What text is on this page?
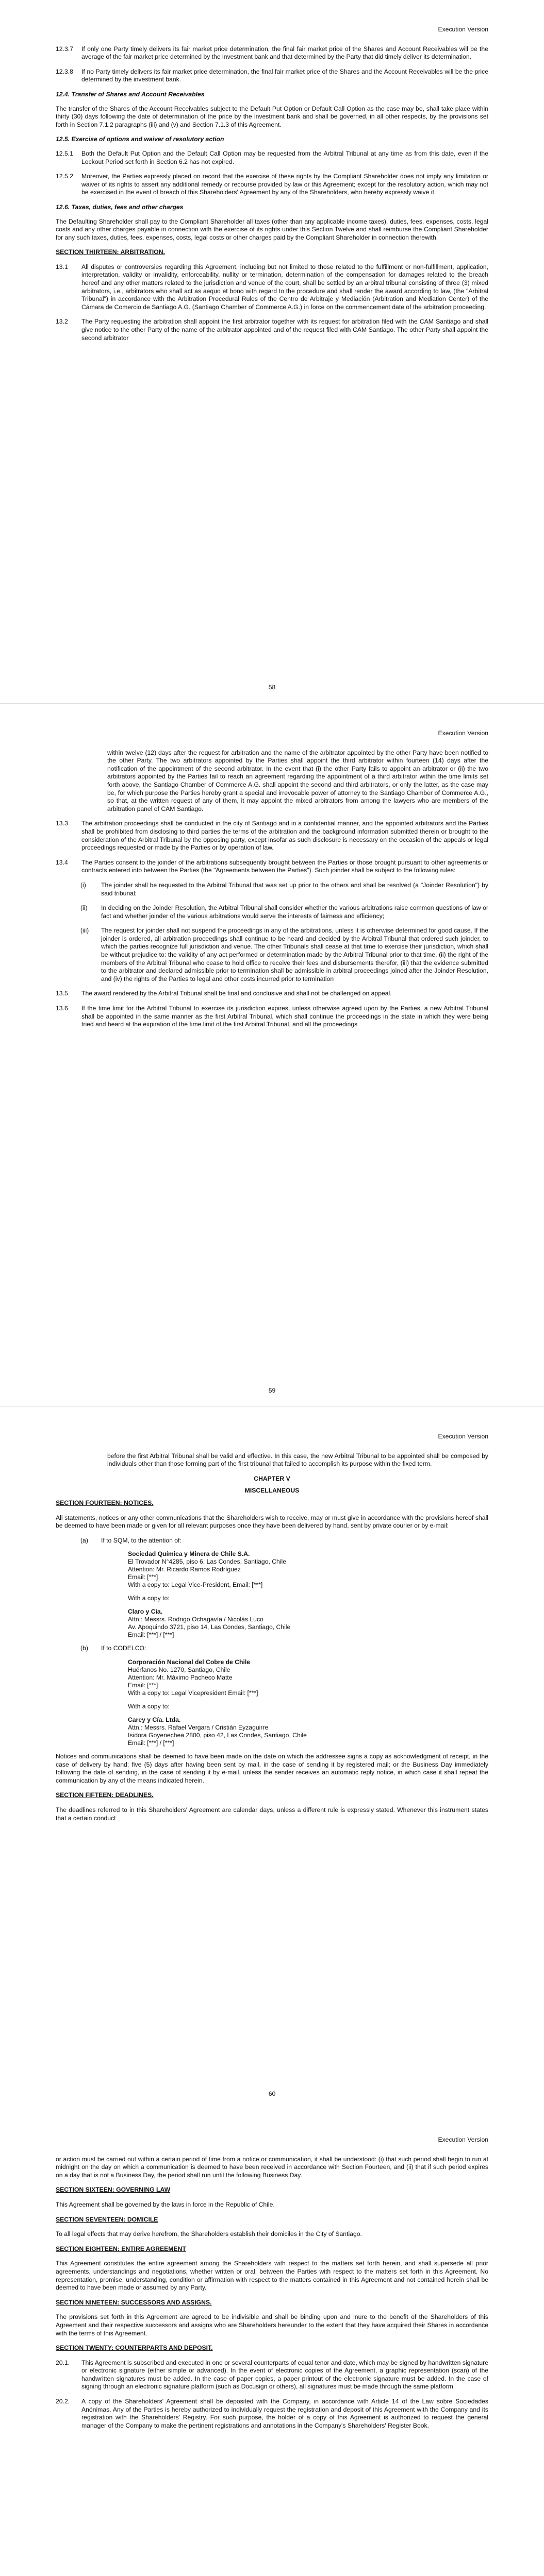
Execution Version
12.3.7	If only one Party timely delivers its fair market price determination, the final fair market price of the Shares and Account Receivables will be the average of the fair market price determined by the investment bank and that determined by the Party that did timely deliver its determination.
12.3.8	If no Party timely delivers its fair market price determination, the final fair market price of the Shares and the Account Receivables will be the price determined by the investment bank.
12.4. Transfer of Shares and Account Receivables
The transfer of the Shares of the Account Receivables subject to the Default Put Option or Default Call Option as the case may be, shall take place within thirty (30) days following the date of determination of the price by the investment bank and shall be governed, in all other respects, by the provisions set forth in Section 7.1.2 paragraphs (iii) and (v) and Section 7.1.3 of this Agreement.
12.5. Exercise of options and waiver of resolutory action
12.5.1	Both the Default Put Option and the Default Call Option may be requested from the Arbitral Tribunal at any time as from this date, even if the Lockout Period set forth in Section 6.2 has not expired.
12.5.2	Moreover, the Parties expressly placed on record that the exercise of these rights by the Compliant Shareholder does not imply any limitation or waiver of its rights to assert any additional remedy or recourse provided by law or this Agreement; except for the resolutory action, which may not be exercised in the event of breach of this Shareholders' Agreement by any of the Shareholders, who hereby expressly waive it.
12.6. Taxes, duties, fees and other charges
The Defaulting Shareholder shall pay to the Compliant Shareholder all taxes (other than any applicable income taxes), duties, fees, expenses, costs, legal costs and any other charges payable in connection with the exercise of its rights under this Section Twelve and shall reimburse the Compliant Shareholder for any such taxes, duties, fees, expenses, costs, legal costs or other charges paid by the Compliant Shareholder in connection therewith.
SECTION THIRTEEN: ARBITRATION.
13.1	All disputes or controversies regarding this Agreement, including but not limited to those related to the fulfillment or non-fulfillment, application, interpretation, validity or invalidity, enforceability, nullity or termination, determination of the compensation for damages related to the breach hereof and any other matters related to the jurisdiction and venue of the court, shall be settled by an arbitral tribunal consisting of three (3) mixed arbitrators, i.e., arbitrators who shall act as aequo et bono with regard to the procedure and shall render the award according to law, (the "Arbitral Tribunal") in accordance with the Arbitration Procedural Rules of the Centro de Arbitraje y Mediación (Arbitration and Mediation Center) of the Cámara de Comercio de Santiago A.G. (Santiago Chamber of Commerce A.G.) in force on the commencement date of the arbitration proceeding.
13.2	The Party requesting the arbitration shall appoint the first arbitrator together with its request for arbitration filed with the CAM Santiago and shall give notice to the other Party of the name of the arbitrator appointed and of the request filed with CAM Santiago. The other Party shall appoint the second arbitrator
58
Execution Version
within twelve (12) days after the request for arbitration and the name of the arbitrator appointed by the other Party have been notified to the other Party. The two arbitrators appointed by the Parties shall appoint the third arbitrator within fourteen (14) days after the notification of the appointment of the second arbitrator. In the event that (i) the other Party fails to appoint an arbitrator or (ii) the two arbitrators appointed by the Parties fail to reach an agreement regarding the appointment of a third arbitrator within the time limits set forth above, the Santiago Chamber of Commerce A.G. shall appoint the second and third arbitrators, or only the latter, as the case may be, for which purpose the Parties hereby grant a special and irrevocable power of attorney to the Santiago Chamber of Commerce A.G., so that, at the written request of any of them, it may appoint the mixed arbitrators from among the lawyers who are members of the arbitration panel of CAM Santiago.
13.3	The arbitration proceedings shall be conducted in the city of Santiago and in a confidential manner, and the appointed arbitrators and the Parties shall be prohibited from disclosing to third parties the terms of the arbitration and the background information submitted therein or brought to the consideration of the Arbitral Tribunal by the opposing party, except insofar as such disclosure is necessary on the occasion of the appeals or legal proceedings requested or made by the Parties or by operation of law.
13.4	The Parties consent to the joinder of the arbitrations subsequently brought between the Parties or those brought pursuant to other agreements or contracts entered into between the Parties (the "Agreements between the Parties"). Such joinder shall be subject to the following rules:
(i)	The joinder shall be requested to the Arbitral Tribunal that was set up prior to the others and shall be resolved (a "Joinder Resolution") by said tribunal;
(ii)	In deciding on the Joinder Resolution, the Arbitral Tribunal shall consider whether the various arbitrations raise common questions of law or fact and whether joinder of the various arbitrations would serve the interests of fairness and efficiency;
(iii)	The request for joinder shall not suspend the proceedings in any of the arbitrations, unless it is otherwise determined for good cause. If the joinder is ordered, all arbitration proceedings shall continue to be heard and decided by the Arbitral Tribunal that ordered such joinder, to which the parties recognize full jurisdiction and venue. The other Tribunals shall cease at that time to exercise their jurisdiction, which shall be without prejudice to: the validity of any act performed or determination made by the Arbitral Tribunal prior to that time, (ii) the right of the members of the Arbitral Tribunal who cease to hold office to receive their fees and disbursements therefor, (iii) that the evidence submitted to the arbitrator and declared admissible prior to termination shall be admissible in arbitral proceedings joined after the Joinder Resolution, and (iv) the rights of the Parties to legal and other costs incurred prior to termination
13.5	The award rendered by the Arbitral Tribunal shall be final and conclusive and shall not be challenged on appeal.
13.6	If the time limit for the Arbitral Tribunal to exercise its jurisdiction expires, unless otherwise agreed upon by the Parties, a new Arbitral Tribunal shall be appointed in the same manner as the first Arbitral Tribunal, which shall continue the proceedings in the state in which they were being tried and heard at the expiration of the time limit of the first Arbitral Tribunal, and all the proceedings
59
Execution Version
before the first Arbitral Tribunal shall be valid and effective. In this case, the new Arbitral Tribunal to be appointed shall be composed by individuals other than those forming part of the first tribunal that failed to accomplish its purpose within the fixed term.
CHAPTER V
MISCELLANEOUS
SECTION FOURTEEN: NOTICES.
All statements, notices or any other communications that the Shareholders wish to receive, may or must give in accordance with the provisions hereof shall be deemed to have been made or given for all relevant purposes once they have been delivered by hand, sent by private courier or by e-mail:
(a)	If to SQM, to the attention of:
Sociedad Química y Minera de Chile S.A.
El Trovador N°4285, piso 6, Las Condes, Santiago, Chile
Attention: Mr. Ricardo Ramos Rodríguez
Email: [***]
With a copy to: Legal Vice-President, Email: [***]
With a copy to:
Claro y Cía.
Attn.: Messrs. Rodrigo Ochagavía / Nicolás Luco
Av. Apoquindo 3721, piso 14, Las Condes, Santiago, Chile
Email: [***] / [***]
(b)	If to CODELCO:
Corporación Nacional del Cobre de Chile
Huérfanos No. 1270, Santiago, Chile
Attention: Mr. Máximo Pacheco Matte
Email: [***]
With a copy to: Legal Vicepresident Email: [***]
With a copy to:
Carey y Cía. Ltda.
Attn.: Messrs. Rafael Vergara / Cristián Eyzaguirre
Isidora Goyenechea 2800, piso 42, Las Condes, Santiago, Chile
Email: [***] / [***]
Notices and communications shall be deemed to have been made on the date on which the addressee signs a copy as acknowledgment of receipt, in the case of delivery by hand; five (5) days after having been sent by mail, in the case of sending it by registered mail; or the Business Day immediately following the date of sending, in the case of sending it by e-mail, unless the sender receives an automatic reply notice, in which case it shall repeat the communication by any of the means indicated herein.
SECTION FIFTEEN: DEADLINES.
The deadlines referred to in this Shareholders' Agreement are calendar days, unless a different rule is expressly stated. Whenever this instrument states that a certain conduct
60
Execution Version
or action must be carried out within a certain period of time from a notice or communication, it shall be understood: (i) that such period shall begin to run at midnight on the day on which a communication is deemed to have been received in accordance with Section Fourteen, and (ii) that if such period expires on a day that is not a Business Day, the period shall run until the following Business Day.
SECTION SIXTEEN: GOVERNING LAW
This Agreement shall be governed by the laws in force in the Republic of Chile.
SECTION SEVENTEEN: DOMICILE
To all legal effects that may derive herefrom, the Shareholders establish their domiciles in the City of Santiago.
SECTION EIGHTEEN: ENTIRE AGREEMENT
This Agreement constitutes the entire agreement among the Shareholders with respect to the matters set forth herein, and shall supersede all prior agreements, understandings and negotiations, whether written or oral, between the Parties with respect to the matters set forth in this Agreement. No representation, promise, understanding, condition or affirmation with respect to the matters contained in this Agreement and not contained herein shall be deemed to have been made or assumed by any Party.
SECTION NINETEEN: SUCCESSORS AND ASSIGNS.
The provisions set forth in this Agreement are agreed to be indivisible and shall be binding upon and inure to the benefit of the Shareholders of this Agreement and their respective successors and assigns who are Shareholders hereunder to the extent that they have acquired their Shares in accordance with the terms of this Agreement.
SECTION TWENTY: COUNTERPARTS AND DEPOSIT.
20.1.	This Agreement is subscribed and executed in one or several counterparts of equal tenor and date, which may be signed by handwritten signature or electronic signature (either simple or advanced). In the event of electronic copies of the Agreement, a graphic representation (scan) of the handwritten signatures must be added. In the case of paper copies, a paper printout of the electronic signature must be added. In the case of signing through an electronic signature platform (such as Docusign or others), all signatures must be made through the same platform.
20.2.	A copy of the Shareholders' Agreement shall be deposited with the Company, in accordance with Article 14 of the Law sobre Sociedades Anónimas. Any of the Parties is hereby authorized to individually request the registration and deposit of this Agreement with the Company and its registration with the Shareholders' Registry. For such purpose, the holder of a copy of this Agreement is authorized to request the general manager of the Company to make the pertinent registrations and annotations in the Company's Shareholders' Register Book.
